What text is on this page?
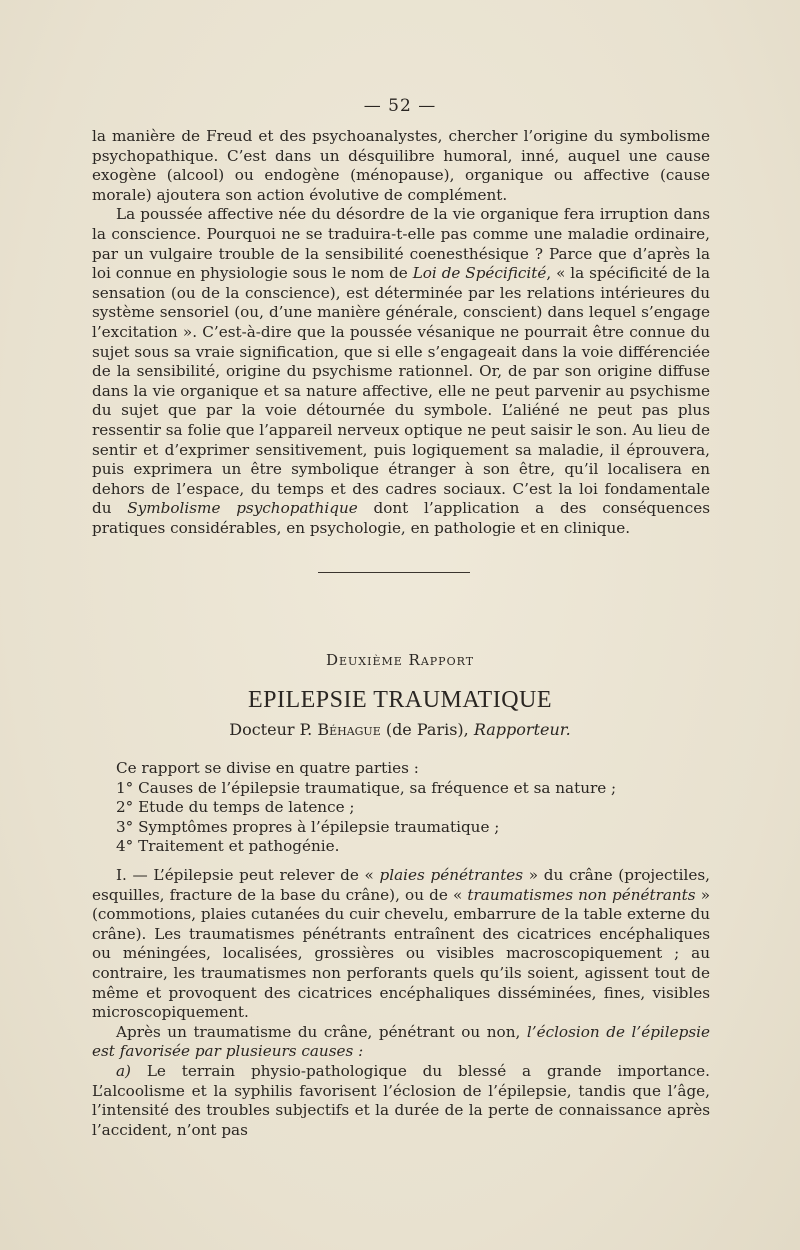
— 52 —

la manière de Freud et des psychoanalystes, chercher l’origine du symbolisme psychopathique. C’est dans un désquilibre humoral, inné, auquel une cause exogène (alcool) ou endogène (ménopause), organique ou affective (cause morale) ajoutera son action évolutive de complément.

La poussée affective née du désordre de la vie organique fera irruption dans la conscience. Pourquoi ne se traduira-t-elle pas comme une maladie ordinaire, par un vulgaire trouble de la sensibilité coenesthésique ? Parce que d’après la loi connue en physiologie sous le nom de Loi de Spécificité, « la spécificité de la sensation (ou de la conscience), est déterminée par les relations intérieures du système sensoriel (ou, d’une manière générale, conscient) dans lequel s’engage l’excitation ». C’est-à-dire que la poussée vésanique ne pourrait être connue du sujet sous sa vraie signification, que si elle s’engageait dans la voie différenciée de la sensibilité, origine du psychisme rationnel. Or, de par son origine diffuse dans la vie organique et sa nature affective, elle ne peut parvenir au psychisme du sujet que par la voie détournée du symbole. L’aliéné ne peut pas plus ressentir sa folie que l’appareil nerveux optique ne peut saisir le son. Au lieu de sentir et d’exprimer sensitivement, puis logiquement sa maladie, il éprouvera, puis exprimera un être symbolique étranger à son être, qu’il localisera en dehors de l’espace, du temps et des cadres sociaux. C’est la loi fondamentale du Symbolisme psychopathique dont l’application a des conséquences pratiques considérables, en psychologie, en pathologie et en clinique.

Deuxième Rapport
EPILEPSIE TRAUMATIQUE
Docteur P. Béhague (de Paris), Rapporteur.

Ce rapport se divise en quatre parties :

1° Causes de l’épilepsie traumatique, sa fréquence et sa nature ;

2° Etude du temps de latence ;

3° Symptômes propres à l’épilepsie traumatique ;

4° Traitement et pathogénie.

I. — L’épilepsie peut relever de « plaies pénétrantes » du crâne (projectiles, esquilles, fracture de la base du crâne), ou de « traumatismes non pénétrants » (commotions, plaies cutanées du cuir chevelu, embarrure de la table externe du crâne). Les traumatismes pénétrants entraînent des cicatrices encéphaliques ou méningées, localisées, grossières ou visibles macroscopiquement ; au contraire, les traumatismes non perforants quels qu’ils soient, agissent tout de même et provoquent des cicatrices encéphaliques disséminées, fines, visibles microscopiquement.

Après un traumatisme du crâne, pénétrant ou non, l’éclosion de l’épilepsie est favorisée par plusieurs causes :

a) Le terrain physio-pathologique du blessé a grande importance. L’alcoolisme et la syphilis favorisent l’éclosion de l’épilepsie, tandis que l’âge, l’intensité des troubles subjectifs et la durée de la perte de connaissance après l’accident, n’ont pas
